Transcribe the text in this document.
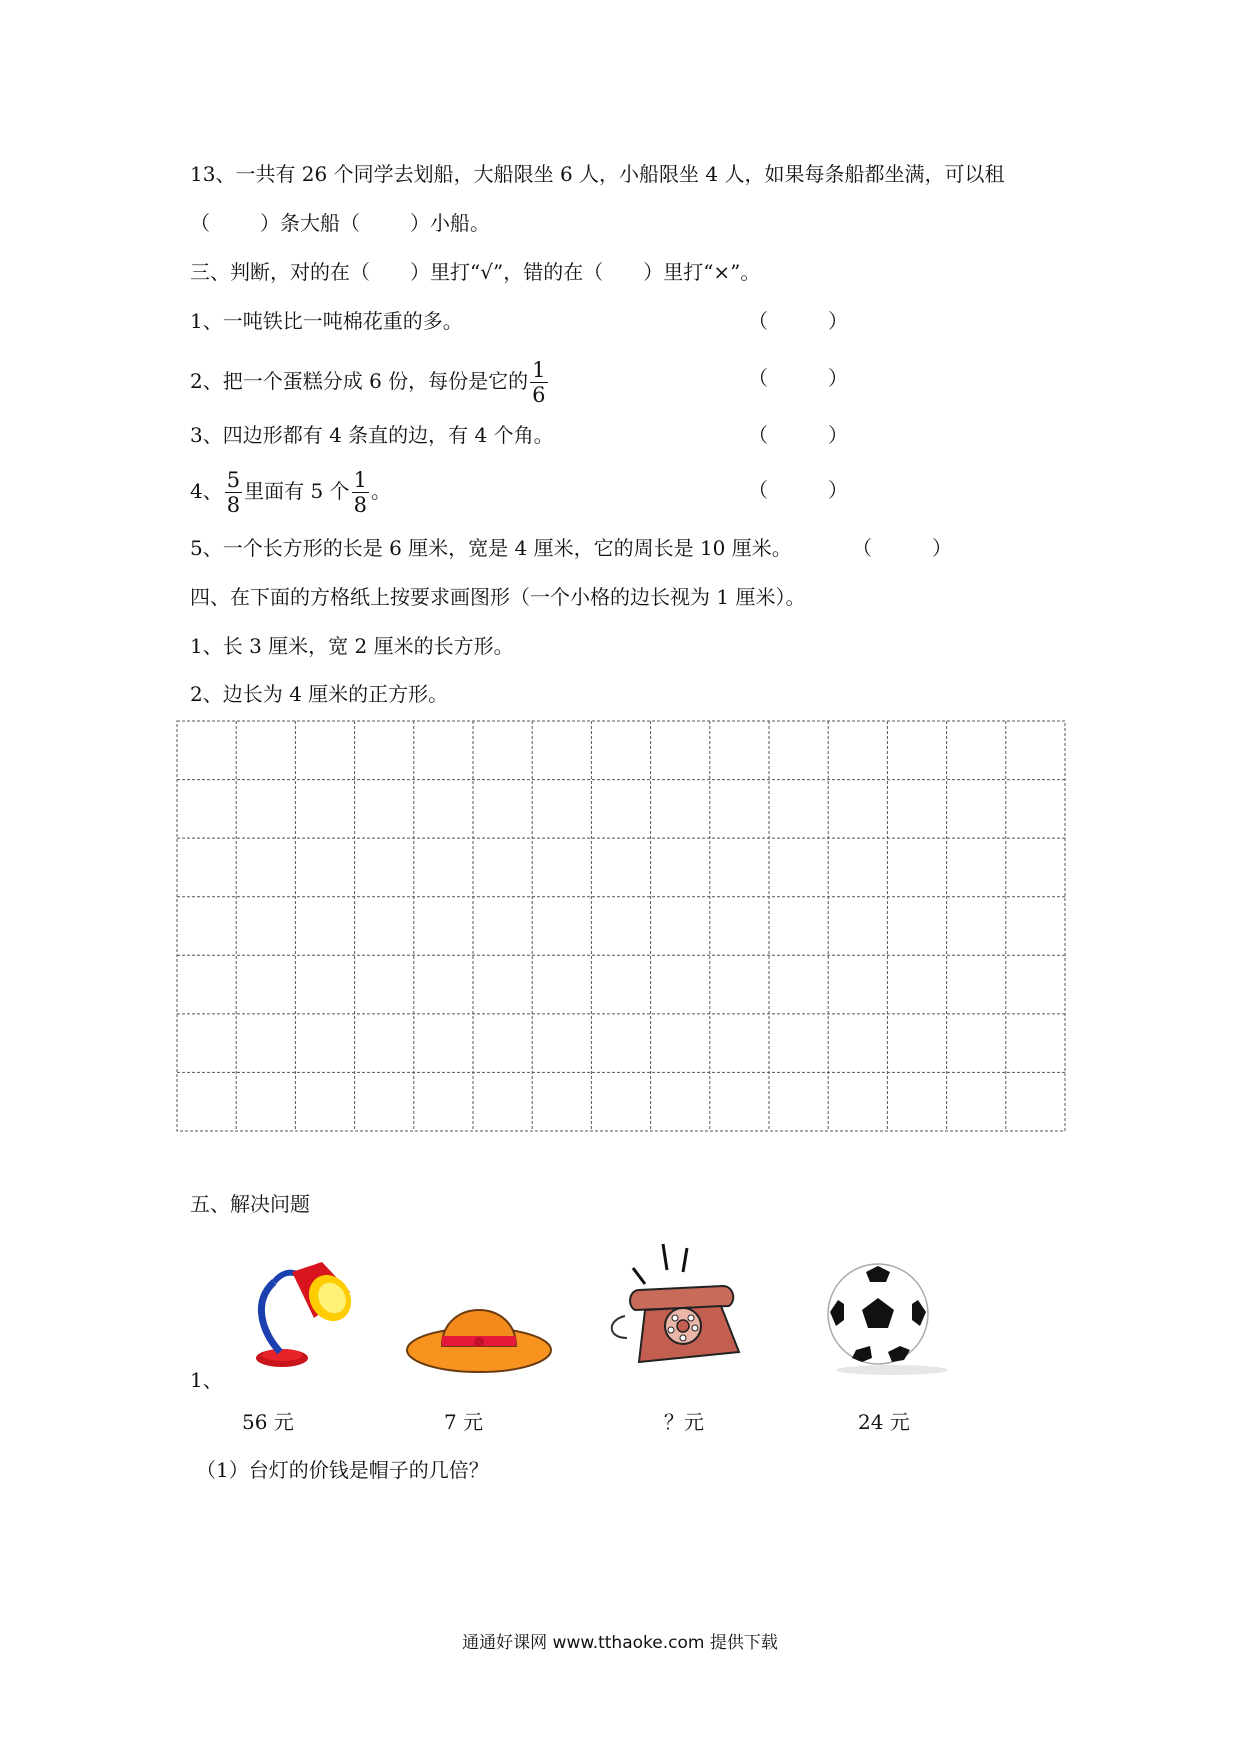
13、一共有 26 个同学去划船，大船限坐 6 人，小船限坐 4 人，如果每条船都坐满，可以租
（	）条大船（	）小船。
三、判断，对的在（　　）里打“√”，错的在（　　）里打“×”。
1、一吨铁比一吨棉花重的多。	（　　　）
2、把一个蛋糕分成 6 份，每份是它的 $\frac{1}{6}$	（　　　）
3、四边形都有 4 条直的边，有 4 个角。	（　　　）
4、 $\frac{5}{8}$ 里面有 5 个 $\frac{1}{8}$ 。	（　　　）
5、一个长方形的长是 6 厘米，宽是 4 厘米，它的周长是 10 厘米。	（　　　）
四、在下面的方格纸上按要求画图形（一个小格的边长视为 1 厘米）。
1、长 3 厘米，宽 2 厘米的长方形。
2、边长为 4 厘米的正方形。
五、解决问题
1、
56 元	7 元	？元	24 元
（1）台灯的价钱是帽子的几倍？
通通好课网 www.tthaoke.com 提供下载
